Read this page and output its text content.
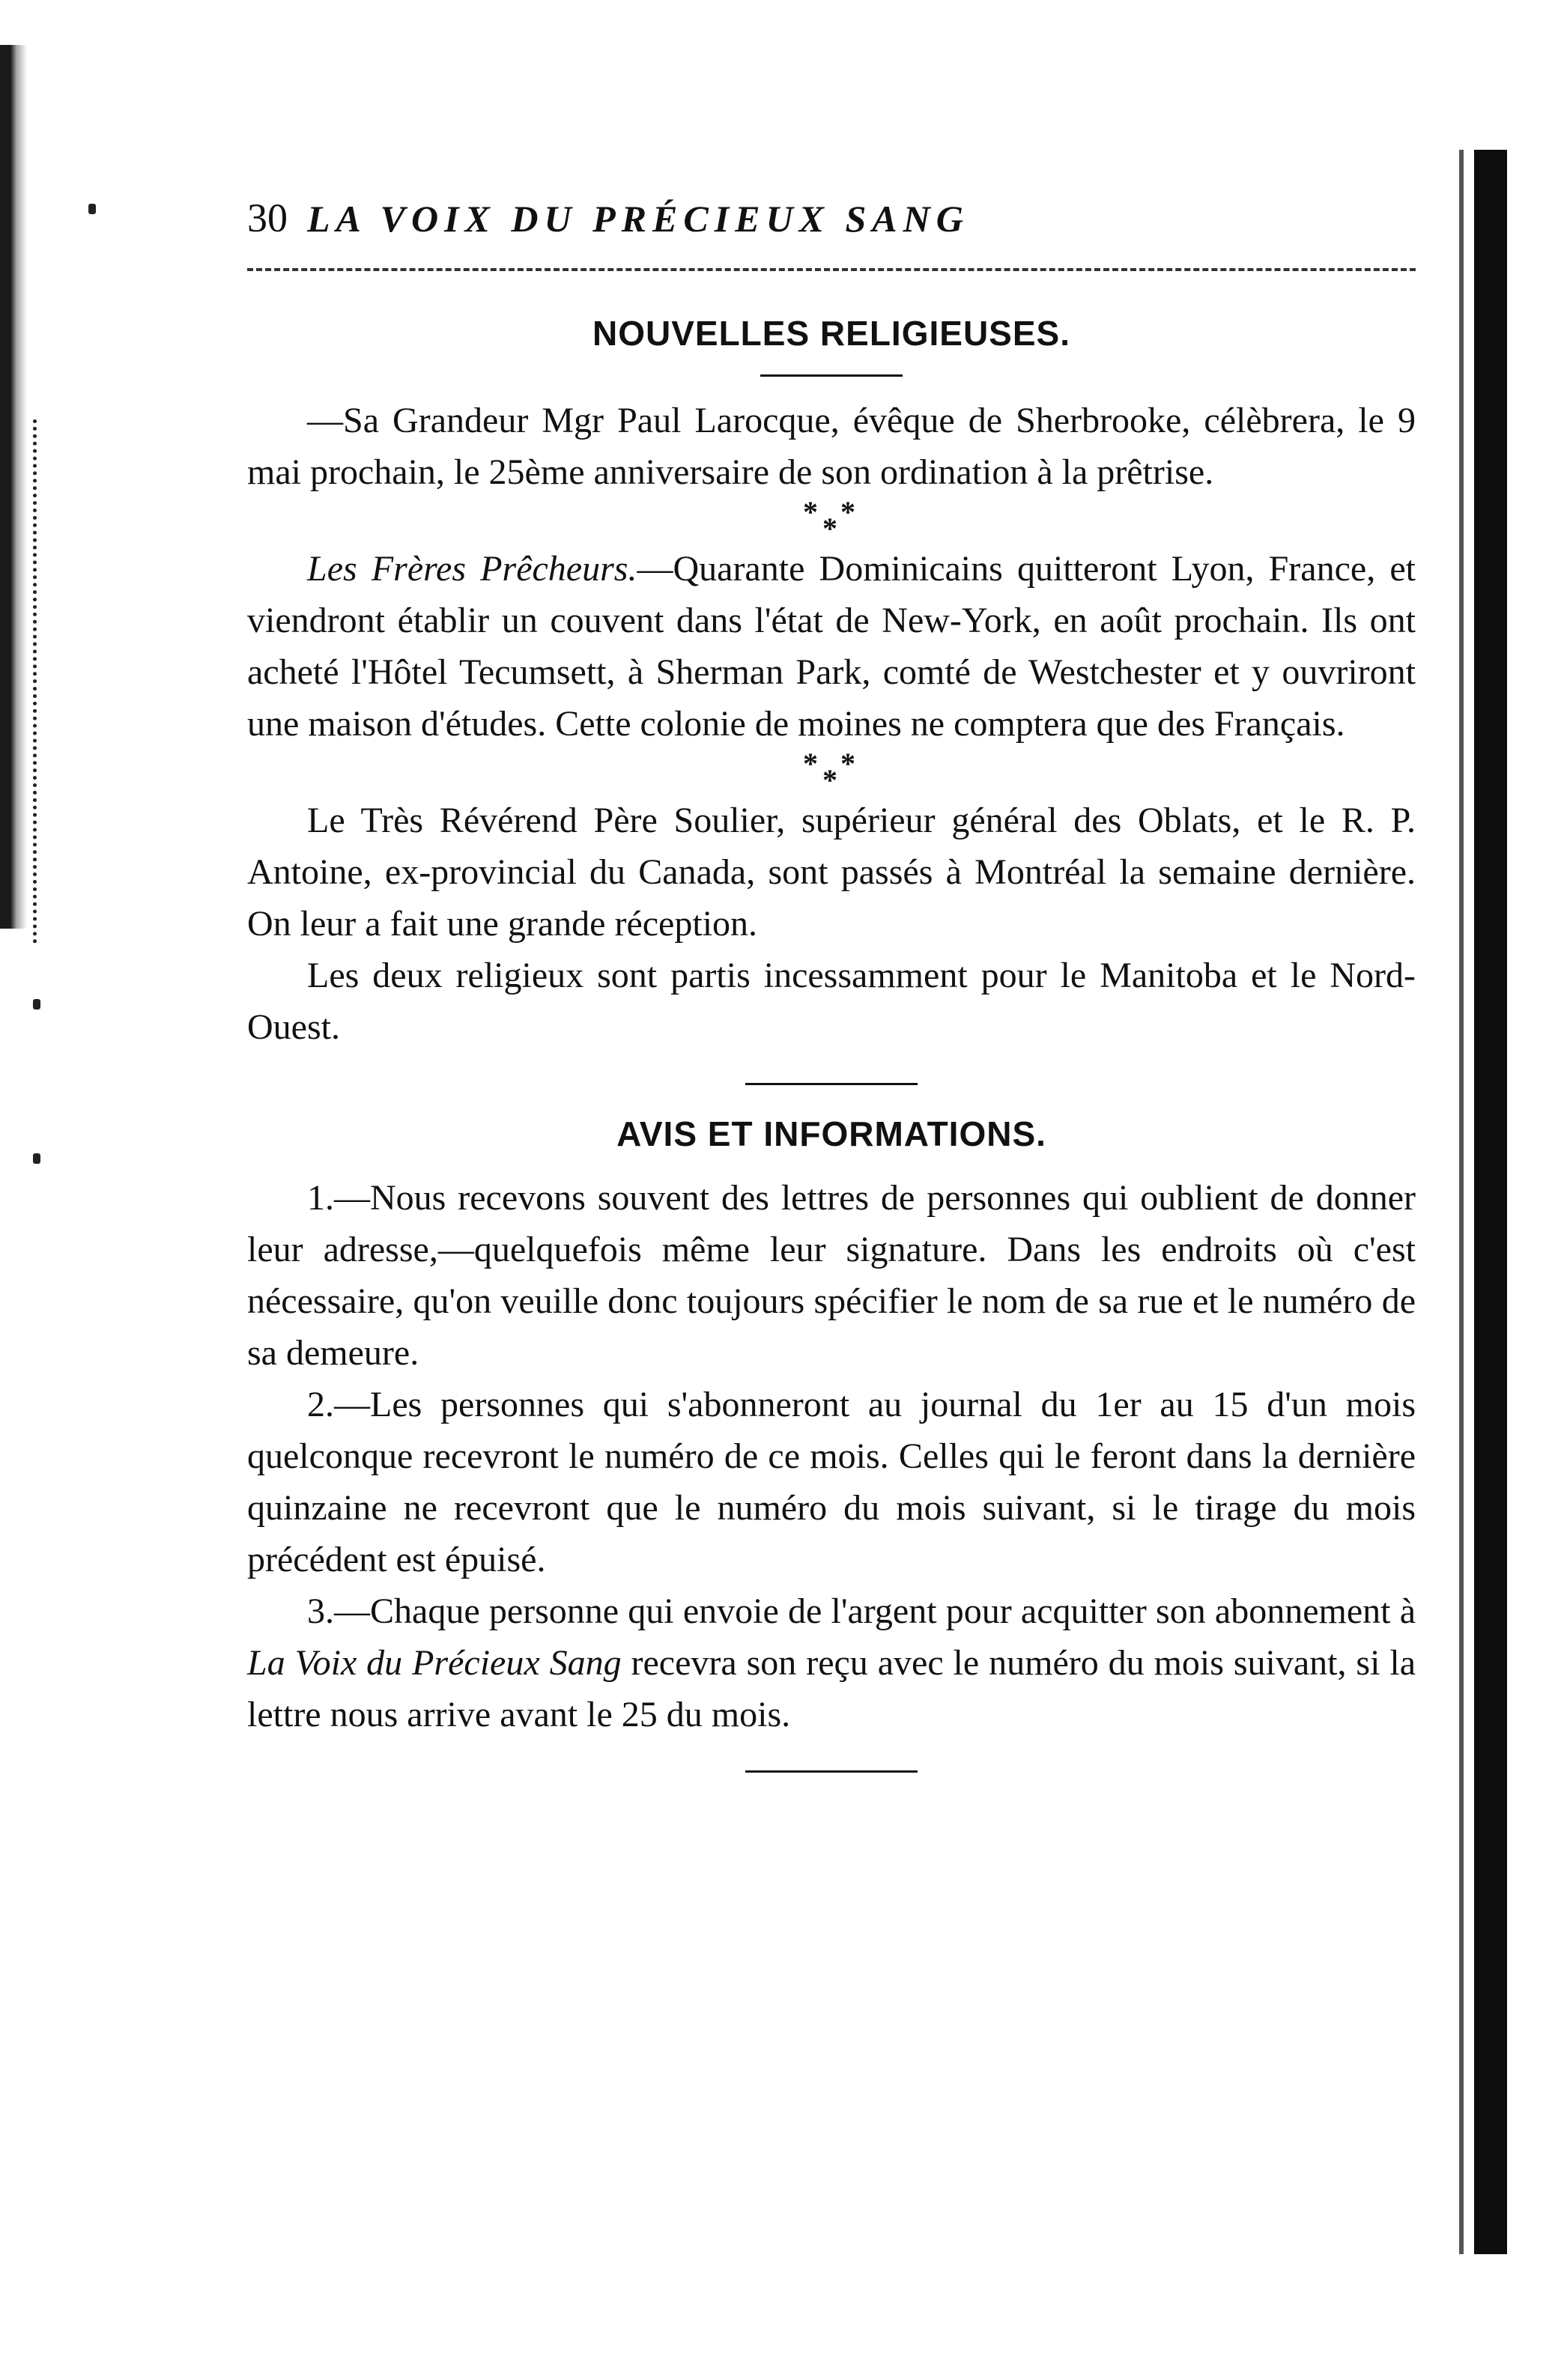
30 LA VOIX DU PRÉCIEUX SANG
NOUVELLES RELIGIEUSES.

—Sa Grandeur Mgr Paul Larocque, évêque de Sherbrooke, célèbrera, le 9 mai prochain, le 25ème anniversaire de son ordination à la prêtrise.

* *
*

Les Frères Prêcheurs.—Quarante Dominicains quitteront Lyon, France, et viendront établir un couvent dans l'état de New-York, en août prochain. Ils ont acheté l'Hôtel Tecumsett, à Sherman Park, comté de Westchester et y ouvriront une maison d'études. Cette colonie de moines ne comptera que des Français.

* *
*

Le Très Révérend Père Soulier, supérieur général des Oblats, et le R. P. Antoine, ex-provincial du Canada, sont passés à Montréal la semaine dernière. On leur a fait une grande réception.

Les deux religieux sont partis incessamment pour le Manitoba et le Nord-Ouest.

AVIS ET INFORMATIONS.

1.—Nous recevons souvent des lettres de personnes qui oublient de donner leur adresse,—quelquefois même leur signature. Dans les endroits où c'est nécessaire, qu'on veuille donc toujours spécifier le nom de sa rue et le numéro de sa demeure.

2.—Les personnes qui s'abonneront au journal du 1er au 15 d'un mois quelconque recevront le numéro de ce mois. Celles qui le feront dans la dernière quinzaine ne recevront que le numéro du mois suivant, si le tirage du mois précédent est épuisé.

3.—Chaque personne qui envoie de l'argent pour acquitter son abonnement à La Voix du Précieux Sang recevra son reçu avec le numéro du mois suivant, si la lettre nous arrive avant le 25 du mois.
